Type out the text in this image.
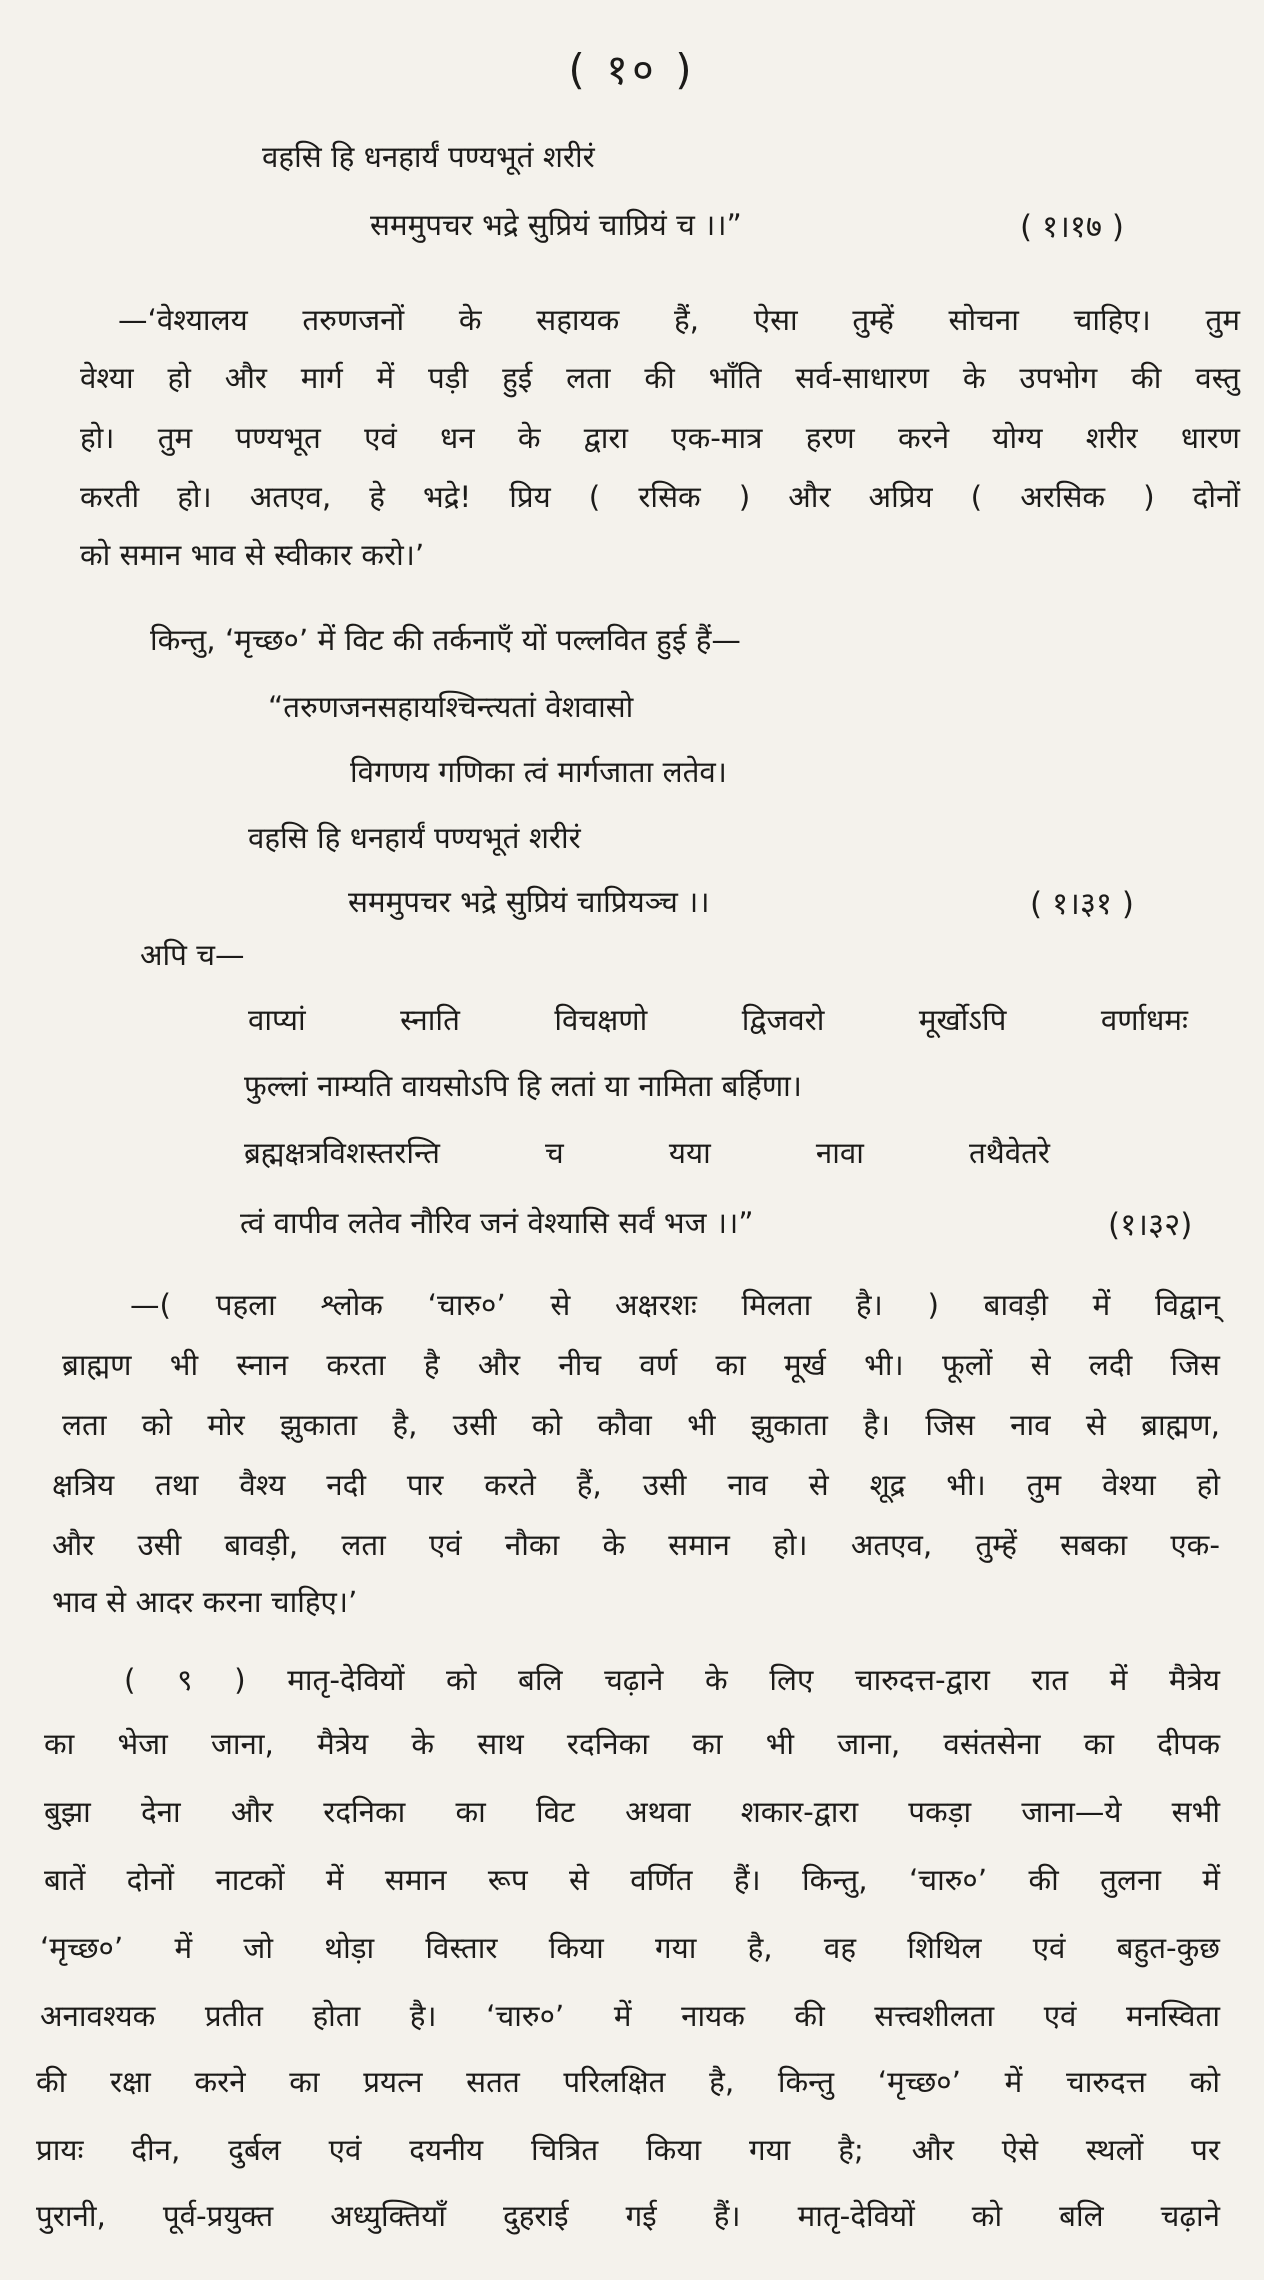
( १० )
वहसि हि धनहार्यं पण्यभूतं शरीरं
सममुपचर भद्रे सुप्रियं चाप्रियं च ।।”	( १।१७ )
—‘वेश्यालय तरुणजनों के सहायक हैं, ऐसा तुम्हें सोचना चाहिए। तुम
वेश्या हो और मार्ग में पड़ी हुई लता की भाँति सर्व-साधारण के उपभोग की वस्तु
हो। तुम पण्यभूत एवं धन के द्वारा एक-मात्र हरण करने योग्य शरीर धारण
करती हो। अतएव, हे भद्रे! प्रिय ( रसिक ) और अप्रिय ( अरसिक ) दोनों
को समान भाव से स्वीकार करो।’
किन्तु, ‘मृच्छ०’ में विट की तर्कनाएँ यों पल्लवित हुई हैं—
“तरुणजनसहायश्चिन्त्यतां वेशवासो
विगणय गणिका त्वं मार्गजाता लतेव।
वहसि हि धनहार्यं पण्यभूतं शरीरं
सममुपचर भद्रे सुप्रियं चाप्रियञ्च ।।	( १।३१ )
अपि च—
वाप्यां स्नाति विचक्षणो द्विजवरो मूर्खोऽपि वर्णाधमः
फुल्लां नाम्यति वायसोऽपि हि लतां या नामिता बर्हिणा।
ब्रह्मक्षत्रविशस्तरन्ति च यया नावा तथैवेतरे
त्वं वापीव लतेव नौरिव जनं वेश्यासि सर्वं भज ।।”	(१।३२)
—( पहला श्लोक ‘चारु०’ से अक्षरशः मिलता है। ) बावड़ी में विद्वान्
ब्राह्मण भी स्नान करता है और नीच वर्ण का मूर्ख भी। फूलों से लदी जिस
लता को मोर झुकाता है, उसी को कौवा भी झुकाता है। जिस नाव से ब्राह्मण,
क्षत्रिय तथा वैश्य नदी पार करते हैं, उसी नाव से शूद्र भी। तुम वेश्या हो
और उसी बावड़ी, लता एवं नौका के समान हो। अतएव, तुम्हें सबका एक-
भाव से आदर करना चाहिए।’
( ९ ) मातृ-देवियों को बलि चढ़ाने के लिए चारुदत्त-द्वारा रात में मैत्रेय
का भेजा जाना, मैत्रेय के साथ रदनिका का भी जाना, वसंतसेना का दीपक
बुझा देना और रदनिका का विट अथवा शकार-द्वारा पकड़ा जाना—ये सभी
बातें दोनों नाटकों में समान रूप से वर्णित हैं। किन्तु, ‘चारु०’ की तुलना में
‘मृच्छ०’ में जो थोड़ा विस्तार किया गया है, वह शिथिल एवं बहुत-कुछ
अनावश्यक प्रतीत होता है। ‘चारु०’ में नायक की सत्त्वशीलता एवं मनस्विता
की रक्षा करने का प्रयत्न सतत परिलक्षित है, किन्तु ‘मृच्छ०’ में चारुदत्त को
प्रायः दीन, दुर्बल एवं दयनीय चित्रित किया गया है; और ऐसे स्थलों पर
पुरानी, पूर्व-प्रयुक्त अध्युक्तियाँ दुहराई गई हैं। मातृ-देवियों को बलि चढ़ाने
